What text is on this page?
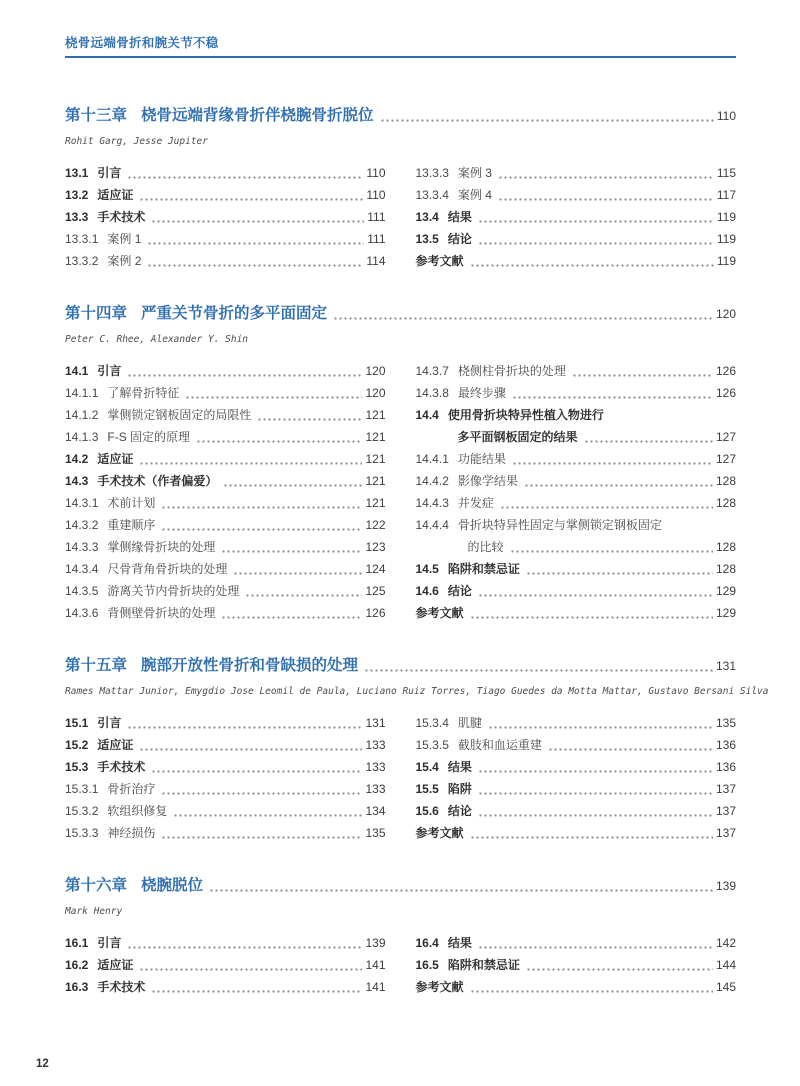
桡骨远端骨折和腕关节不稳
第十三章 桡骨远端背缘骨折伴桡腕骨折脱位	110
Rohit Garg, Jesse Jupiter
13.1 引言	110
13.2 适应证	110
13.3 手术技术	111
13.3.1 案例 1	111
13.3.2 案例 2	114
13.3.3 案例 3	115
13.3.4 案例 4	117
13.4 结果	119
13.5 结论	119
参考文献	119
第十四章 严重关节骨折的多平面固定	120
Peter C. Rhee, Alexander Y. Shin
14.1 引言	120
14.1.1 了解骨折特征	120
14.1.2 掌侧锁定钢板固定的局限性	121
14.1.3 F-S 固定的原理	121
14.2 适应证	121
14.3 手术技术（作者偏爱）	121
14.3.1 术前计划	121
14.3.2 重建顺序	122
14.3.3 掌侧缘骨折块的处理	123
14.3.4 尺骨背角骨折块的处理	124
14.3.5 游离关节内骨折块的处理	125
14.3.6 背侧壁骨折块的处理	126
14.3.7 桡侧柱骨折块的处理	126
14.3.8 最终步骤	126
14.4 使用骨折块特异性植入物进行
多平面钢板固定的结果	127
14.4.1 功能结果	127
14.4.2 影像学结果	128
14.4.3 并发症	128
14.4.4 骨折块特异性固定与掌侧锁定钢板固定
的比较	128
14.5 陷阱和禁忌证	128
14.6 结论	129
参考文献	129
第十五章 腕部开放性骨折和骨缺损的处理	131
Rames Mattar Junior, Emygdio Jose Leomil de Paula, Luciano Ruiz Torres, Tiago Guedes da Motta Mattar, Gustavo Bersani Silva
15.1 引言	131
15.2 适应证	133
15.3 手术技术	133
15.3.1 骨折治疗	133
15.3.2 软组织修复	134
15.3.3 神经损伤	135
15.3.4 肌腱	135
15.3.5 截肢和血运重建	136
15.4 结果	136
15.5 陷阱	137
15.6 结论	137
参考文献	137
第十六章 桡腕脱位	139
Mark Henry
16.1 引言	139
16.2 适应证	141
16.3 手术技术	141
16.4 结果	142
16.5 陷阱和禁忌证	144
参考文献	145
12
